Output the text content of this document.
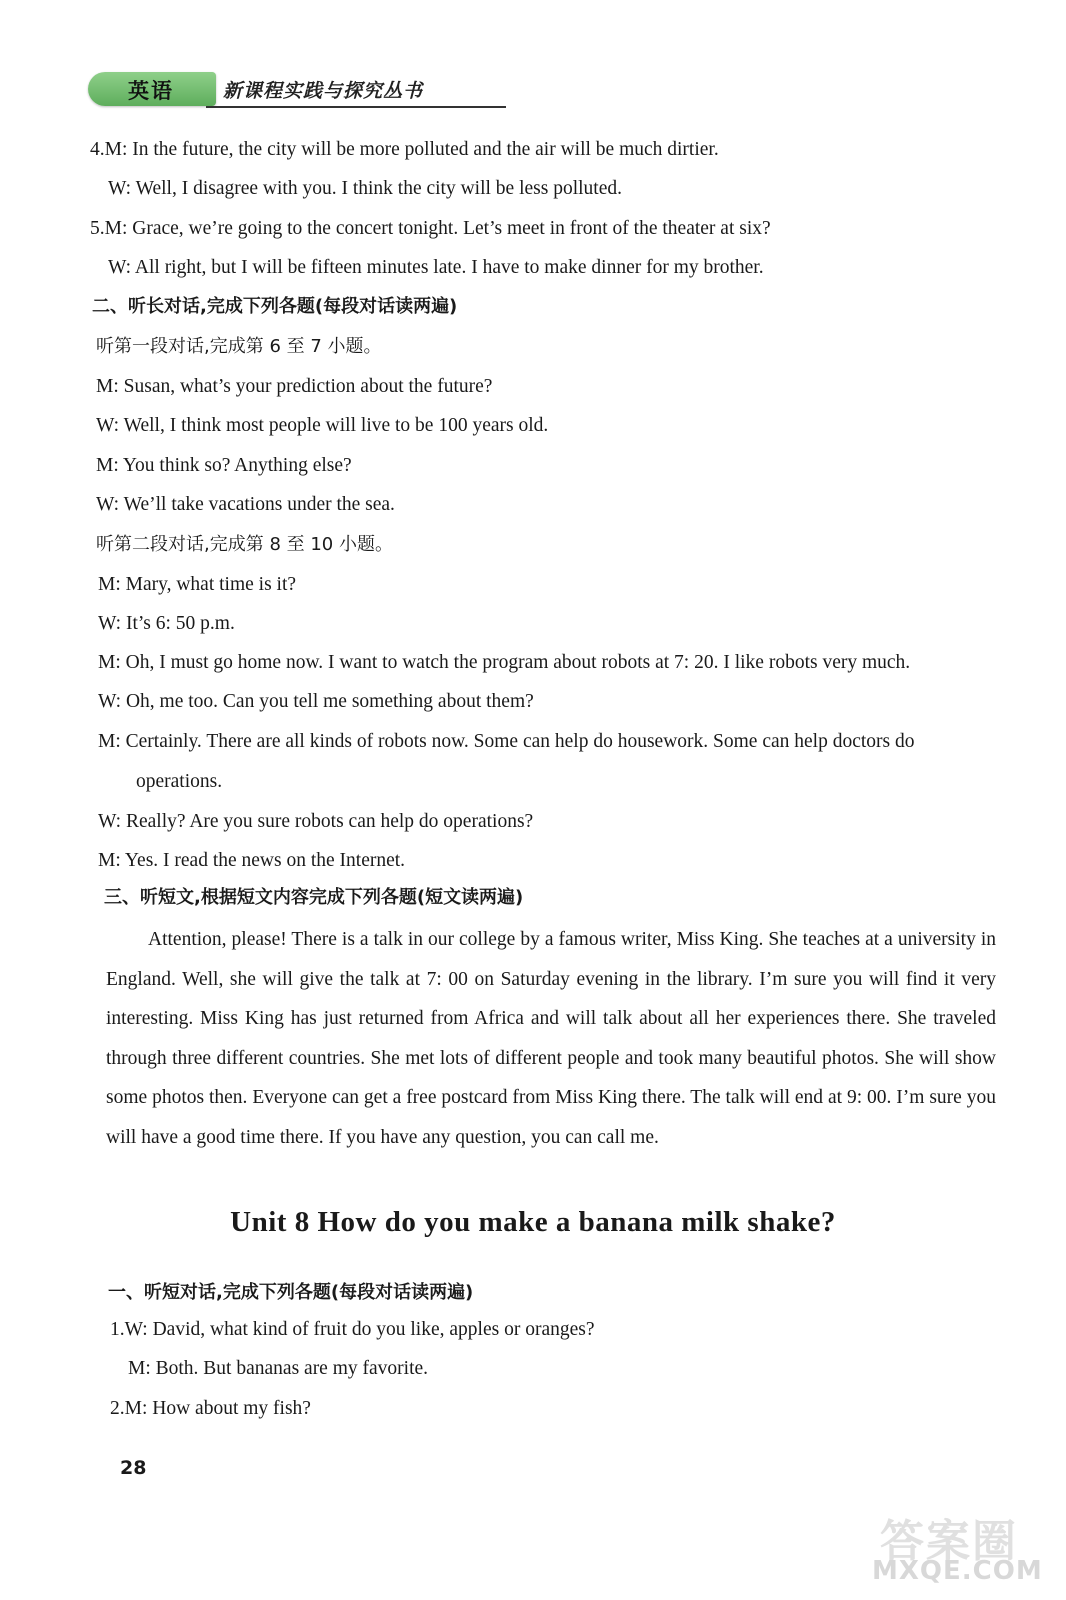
英语	新课程实践与探究丛书
4.M: In the future, the city will be more polluted and the air will be much dirtier.
W: Well, I disagree with you. I think the city will be less polluted.
5.M: Grace, we’re going to the concert tonight. Let’s meet in front of the theater at six?
W: All right, but I will be fifteen minutes late. I have to make dinner for my brother.
二、听长对话,完成下列各题(每段对话读两遍)
听第一段对话,完成第 6 至 7 小题。
M: Susan, what’s your prediction about the future?
W: Well, I think most people will live to be 100 years old.
M: You think so? Anything else?
W: We’ll take vacations under the sea.
听第二段对话,完成第 8 至 10 小题。
M: Mary, what time is it?
W: It’s 6: 50 p.m.
M: Oh, I must go home now. I want to watch the program about robots at 7: 20. I like robots very much.
W: Oh, me too. Can you tell me something about them?
M: Certainly. There are all kinds of robots now. Some can help do housework. Some can help doctors do
operations.
W: Really? Are you sure robots can help do operations?
M: Yes. I read the news on the Internet.
三、听短文,根据短文内容完成下列各题(短文读两遍)
Attention, please! There is a talk in our college by a famous writer, Miss King. She teaches at a university in England. Well, she will give the talk at 7: 00 on Saturday evening in the library. I’m sure you will find it very interesting. Miss King has just returned from Africa and will talk about all her experiences there. She traveled through three different countries. She met lots of different people and took many beautiful photos. She will show some photos then. Everyone can get a free postcard from Miss King there. The talk will end at 9: 00. I’m sure you will have a good time there. If you have any question, you can call me.
Unit 8 How do you make a banana milk shake?
一、听短对话,完成下列各题(每段对话读两遍)
1.W: David, what kind of fruit do you like, apples or oranges?
M: Both. But bananas are my favorite.
2.M: How about my fish?
28
答案圈
MXQE.COM
